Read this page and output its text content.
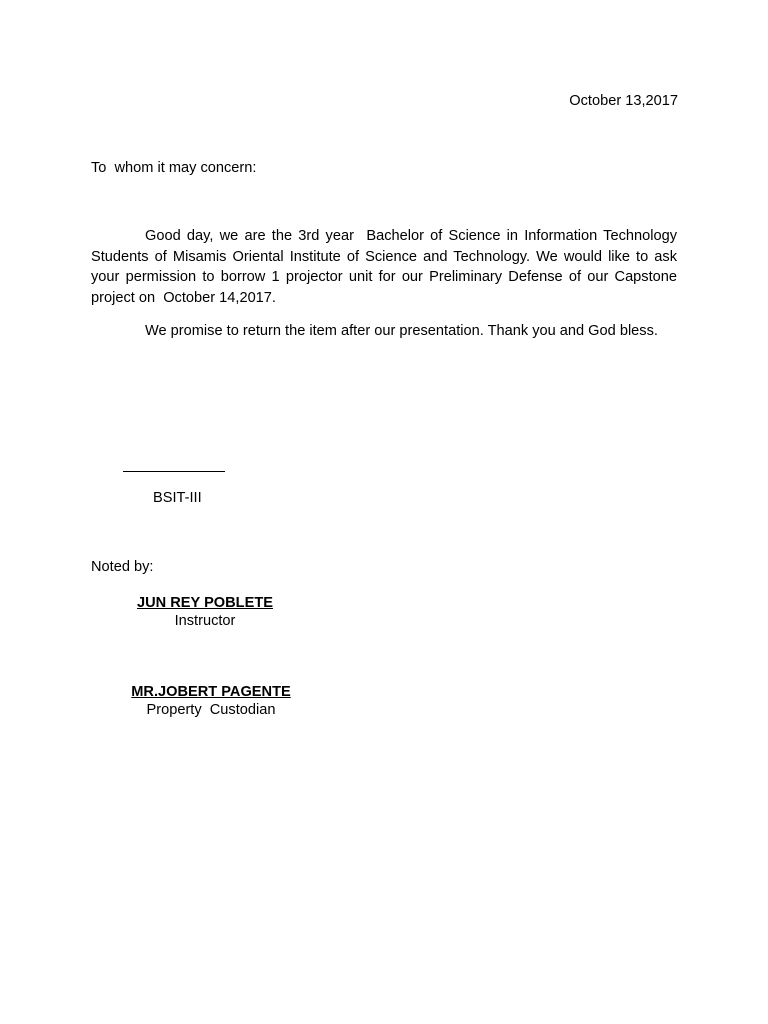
October 13,2017
To  whom it may concern:

Good day, we are the 3rd year  Bachelor of Science in Information Technology Students of Misamis Oriental Institute of Science and Technology. We would like to ask your permission to borrow 1 projector unit for our Preliminary Defense of our Capstone project on  October 14,2017.

We promise to return the item after our presentation. Thank you and God bless.

BSIT-III
Noted by:
JUN REY POBLETE
Instructor
MR.JOBERT PAGENTE
Property  Custodian
